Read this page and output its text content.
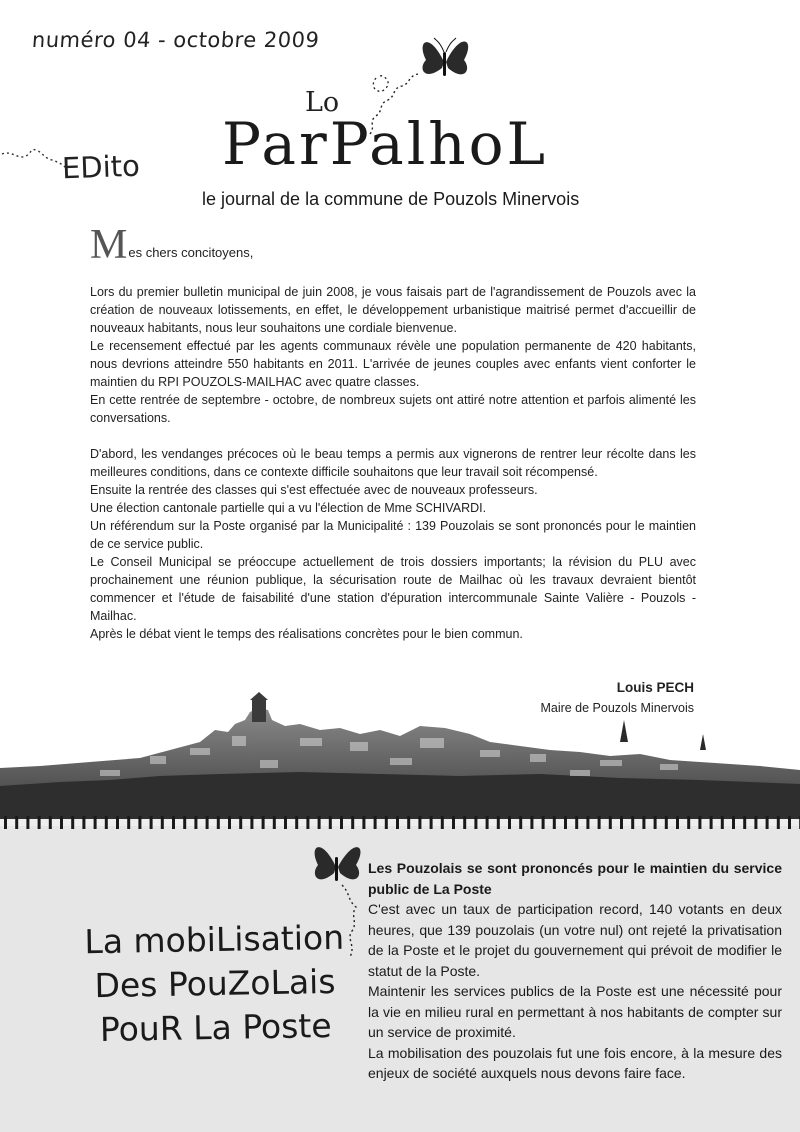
numéro 04 - octobre 2009
EDito
Lo
ParPalhoL
le journal de la commune de Pouzols Minervois
M es chers concitoyens,

Lors du premier bulletin municipal de juin 2008, je vous faisais part de l'agrandissement de Pouzols avec la création de nouveaux lotissements, en effet, le développement urbanistique maitrisé permet d'accueillir de nouveaux habitants, nous leur souhaitons une cordiale bienvenue.

Le recensement effectué par les agents communaux révèle une population permanente de 420 habitants, nous devrions atteindre 550 habitants en 2011. L'arrivée de jeunes couples avec enfants vient conforter le maintien du RPI POUZOLS-MAILHAC avec quatre classes.

En cette rentrée de septembre - octobre, de nombreux sujets ont attiré notre attention et parfois alimenté les conversations.

D'abord, les vendanges précoces où le beau temps a permis aux vignerons de rentrer leur récolte dans les meilleures conditions, dans ce contexte difficile souhaitons que leur travail soit récompensé.

Ensuite la rentrée des classes qui s'est effectuée avec de nouveaux professeurs.

Une élection cantonale partielle qui a vu l'élection de Mme SCHIVARDI.

Un référendum sur la Poste organisé par la Municipalité : 139 Pouzolais se sont prononcés pour le maintien de ce service public.

Le Conseil Municipal se préoccupe actuellement de trois dossiers importants; la révision du PLU avec prochainement une réunion publique, la sécurisation route de Mailhac où les travaux devraient bientôt commencer et l'étude de faisabilité d'une station d'épuration intercommunale Sainte Valière - Pouzols - Mailhac.

Après le débat vient le temps des réalisations concrètes pour le bien commun.

Louis PECH
Maire de Pouzols Minervois
La mobiLisation
Des PouZoLais
PouR La Poste

Les Pouzolais se sont prononcés pour le maintien du service public de La Poste

C'est avec un taux de participation record, 140 votants en deux heures, que 139 pouzolais (un votre nul) ont rejeté la privatisation de la Poste et le projet du gouvernement qui prévoit de modifier le statut de la Poste.

Maintenir les services publics de la Poste est une nécessité pour la vie en milieu rural en permettant à nos habitants de compter sur un service de proximité.

La mobilisation des pouzolais fut une fois encore, à la mesure des enjeux de société auxquels nous devons faire face.
